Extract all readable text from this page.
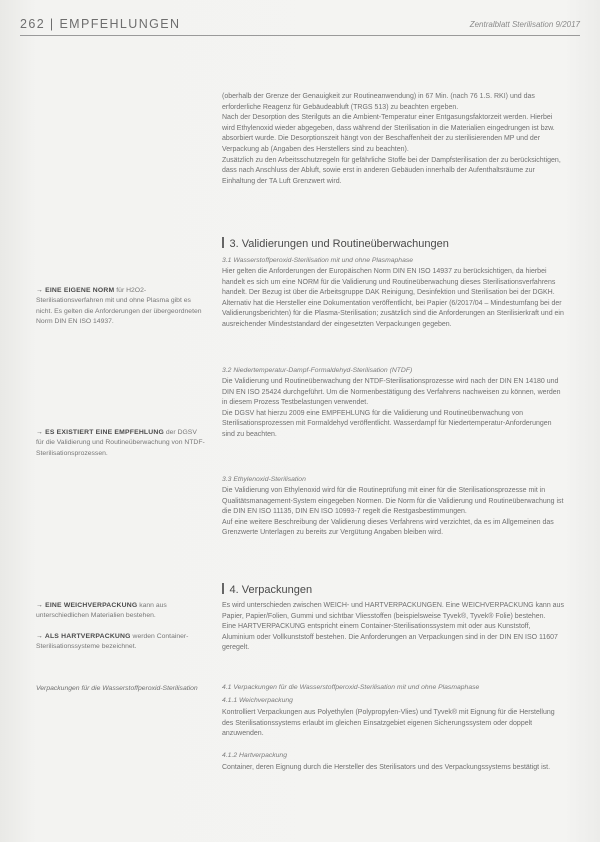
262 | EMPFEHLUNGEN	Zentralblatt Sterilisation 9/2017

(oberhalb der Grenze der Genauigkeit zur Routineanwendung) in 67 Min. (nach 76 1.S. RKI) und das erforderliche Reagenz für Gebäudeabluft (TRGS 513) zu beachten ergeben.

Nach der Desorption des Sterilguts an die Ambient-Temperatur einer Entgasungsfaktorzeit werden. Hierbei wird Ethylenoxid wieder abgegeben, dass während der Sterilisation in die Materialien eingedrungen ist bzw. absorbiert wurde. Die Desorptionszeit hängt von der Beschaffenheit der zu sterilisierenden MP und der Verpackung ab (Angaben des Herstellers sind zu beachten).

Zusätzlich zu den Arbeitsschutzregeln für gefährliche Stoffe bei der Dampfsterilisation der zu berücksichtigen, dass nach Anschluss der Abluft, sowie erst in anderen Gebäuden innerhalb der Aufenthaltsräume zur Einhaltung der TA Luft Grenzwert wird.

3. Validierungen und Routineüberwachungen
3.1 Wasserstoffperoxid-Sterilisation mit und ohne Plasmaphase

Hier gelten die Anforderungen der Europäischen Norm DIN EN ISO 14937 zu berücksichtigen, da hierbei handelt es sich um eine NORM für die Validierung und Routineüberwachung dieses Sterilisationsverfahrens handelt. Der Bezug ist über die Arbeitsgruppe DAK Reinigung, Desinfektion und Sterilisation bei der DGKH. Alternativ hat die Hersteller eine Dokumentation veröffentlicht, bei Papier (6/2017/04 – Mindestumfang bei der Validierungsberichten) für die Plasma-Sterilisation; zusätzlich sind die Anforderungen an Sterilisierkraft und ein ausreichender Mindeststandard der eingesetzten Verpackungen gegeben.

3.2 Niedertemperatur-Dampf-Formaldehyd-Sterilisation (NTDF)

Die Validierung und Routineüberwachung der NTDF-Sterilisationsprozesse wird nach der DIN EN 14180 und DIN EN ISO 25424 durchgeführt. Um die Normenbestätigung des Verfahrens nachweisen zu können, werden in diesem Prozess Testbelastungen verwendet.

Die DGSV hat hierzu 2009 eine EMPFEHLUNG für die Validierung und Routineüberwachung von Sterilisationsprozessen mit Formaldehyd veröffentlicht. Wasserdampf für Niedertemperatur-Anforderungen sind zu beachten.

3.3 Ethylenoxid-Sterilisation

Die Validierung von Ethylenoxid wird für die Routineprüfung mit einer für die Sterilisationsprozesse mit in Qualitätsmanagement-System eingegeben Normen. Die Norm für die Validierung und Routineüberwachung ist die DIN EN ISO 11135, DIN EN ISO 10993-7 regelt die Restgasbestimmungen.

Auf eine weitere Beschreibung der Validierung dieses Verfahrens wird verzichtet, da es im Allgemeinen das Grenzwerte Unterlagen zu bereits zur Vergütung Angaben bleiben wird.

4. Verpackungen

Es wird unterschieden zwischen WEICH- und HARTVERPACKUNGEN. Eine WEICHVERPACKUNG kann aus Papier, Papier/Folien, Gummi und sichtbar Vliesstoffen (beispielsweise Tyvek®, Tyvek® Folie) bestehen.

Eine HARTVERPACKUNG entspricht einem Container-Sterilisationssystem mit oder aus Kunststoff, Aluminium oder Vollkunststoff bestehen. Die Anforderungen an Verpackungen sind in der DIN EN ISO 11607 geregelt.

4.1 Verpackungen für die Wasserstoffperoxid-Sterilisation mit und ohne Plasmaphase
4.1.1 Weichverpackung

Kontrolliert Verpackungen aus Polyethylen (Polypropylen-Vlies) und Tyvek® mit Eignung für die Herstellung des Sterilisationssystems erlaubt im gleichen Einsatzgebiet eigenen Sicherungssystem oder doppelt anzuwenden.

4.1.2 Hartverpackung

Container, deren Eignung durch die Hersteller des Sterilisators und des Verpackungssystems bestätigt ist.

→ EINE EIGENE NORM für H2O2-Sterilisationsverfahren mit und ohne Plasma gibt es nicht. Es gelten die Anforderungen der übergeordneten Norm DIN EN ISO 14937.
→ ES EXISTIERT EINE EMPFEHLUNG der DGSV für die Validierung und Routineüberwachung von NTDF-Sterilisationsprozessen.
→ EINE WEICHVERPACKUNG kann aus unterschiedlichen Materialien bestehen.
→ ALS HARTVERPACKUNG werden Container-Sterilisationssysteme bezeichnet.
Verpackungen für die Wasserstoffperoxid-Sterilisation
